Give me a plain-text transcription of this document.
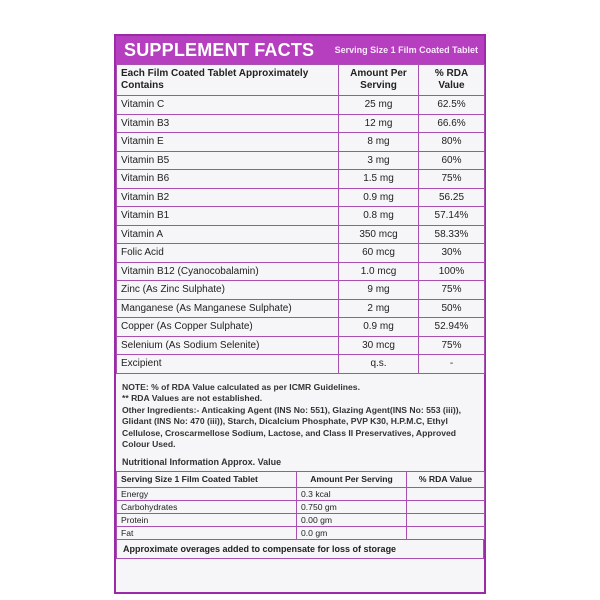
SUPPLEMENT FACTS Serving Size 1 Film Coated Tablet
Each Film Coated Tablet Approximately Contains	Amount Per Serving	% RDA Value
Vitamin C	25 mg	62.5%
Vitamin B3	12 mg	66.6%
Vitamin E	8 mg	80%
Vitamin B5	3 mg	60%
Vitamin B6	1.5 mg	75%
Vitamin B2	0.9 mg	56.25
Vitamin B1	0.8 mg	57.14%
Vitamin A	350 mcg	58.33%
Folic Acid	60 mcg	30%
Vitamin B12 (Cyanocobalamin)	1.0 mcg	100%
Zinc (As Zinc Sulphate)	9 mg	75%
Manganese (As Manganese Sulphate)	2 mg	50%
Copper (As Copper Sulphate)	0.9 mg	52.94%
Selenium (As Sodium Selenite)	30 mcg	75%
Excipient	q.s.	-

NOTE: % of RDA Value calculated as per ICMR Guidelines.

** RDA Values are not established.

Other Ingredients:- Anticaking Agent (INS No: 551), Glazing Agent(INS No: 553 (iii)), Glidant (INS No: 470 (iii)), Starch, Dicalcium Phosphate, PVP K30, H.P.M.C, Ethyl Cellulose, Croscarmellose Sodium, Lactose, and Class II Preservatives, Approved Colour Used.

Nutritional Information Approx. Value
Serving Size 1 Film Coated Tablet	Amount Per Serving	% RDA Value
Energy	0.3 kcal	
Carbohydrates	0.750 gm	
Protein	0.00 gm	
Fat	0.0 gm	
Approximate overages added to compensate for loss of storage
